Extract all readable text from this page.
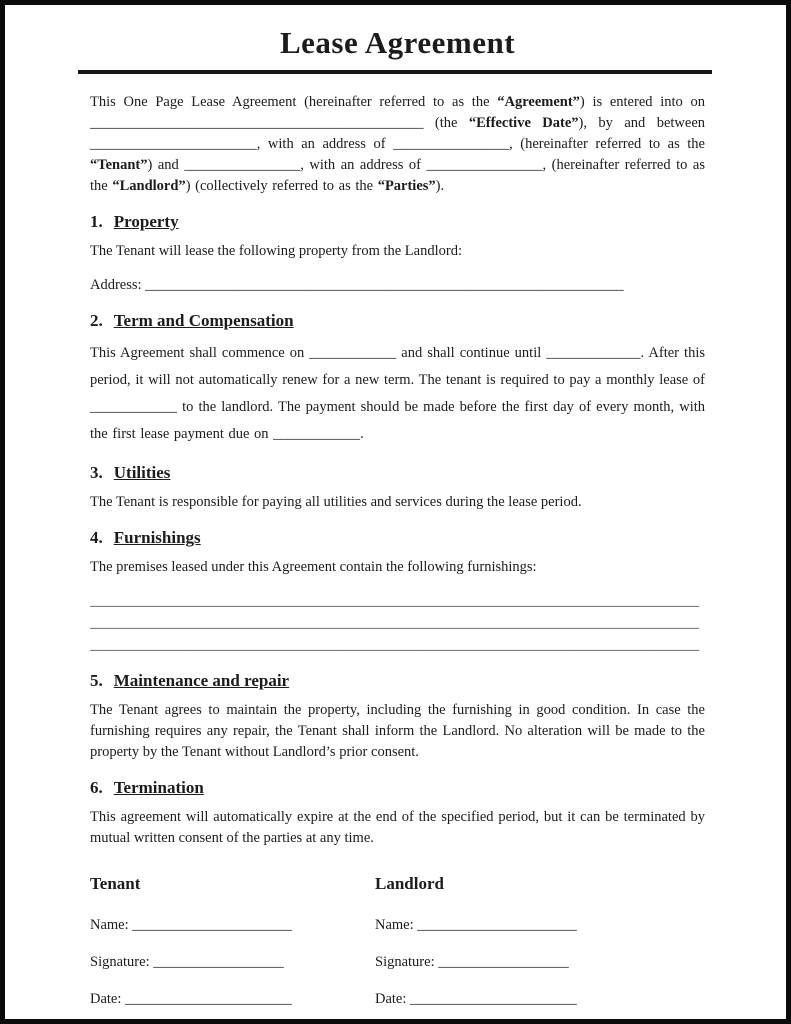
Lease Agreement

This One Page Lease Agreement (hereinafter referred to as the “Agreement”) is entered into on ______________________________________________ (the “Effective Date”), by and between _______________________, with an address of ________________, (hereinafter referred to as the “Tenant”) and ________________, with an address of ________________, (hereinafter referred to as the “Landlord”) (collectively referred to as the “Parties”).

1. Property

The Tenant will lease the following property from the Landlord:

Address: __________________________________________________________________
2. Term and Compensation

This Agreement shall commence on ____________ and shall continue until _____________. After this period, it will not automatically renew for a new term. The tenant is required to pay a monthly lease of ____________ to the landlord. The payment should be made before the first day of every month, with the first lease payment due on ____________.

3. Utilities

The Tenant is responsible for paying all utilities and services during the lease period.

4. Furnishings

The premises leased under this Agreement contain the following furnishings:

____________________________________________________________________________________
____________________________________________________________________________________
____________________________________________________________________________________
5. Maintenance and repair

The Tenant agrees to maintain the property, including the furnishing in good condition. In case the furnishing requires any repair, the Tenant shall inform the Landlord. No alteration will be made to the property by the Tenant without Landlord’s prior consent.

6. Termination

This agreement will automatically expire at the end of the specified period, but it can be terminated by mutual written consent of the parties at any time.

Tenant
Name: ______________________
Signature: __________________
Date: _______________________
Landlord
Name: ______________________
Signature: __________________
Date: _______________________
